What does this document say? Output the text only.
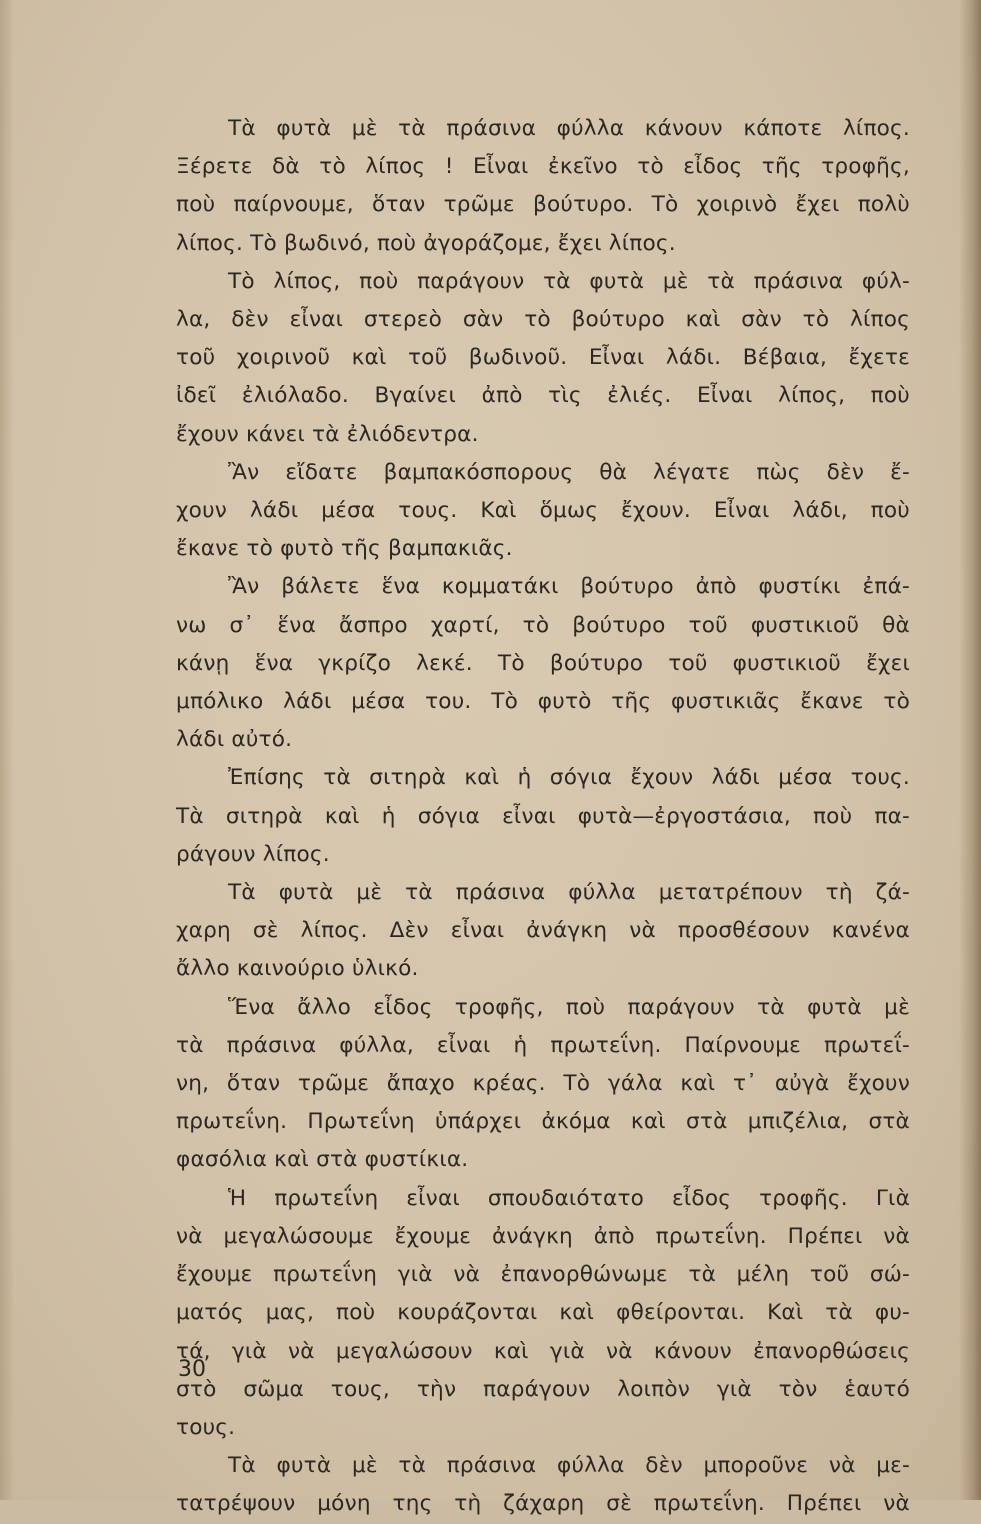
Τὰ φυτὰ μὲ τὰ πράσινα φύλλα κάνουν κάποτε λίπος.
Ξέρετε δὰ τὸ λίπος ! Εἶναι ἐκεῖνο τὸ εἶδος τῆς τροφῆς,
ποὺ παίρνουμε, ὅταν τρῶμε βούτυρο. Τὸ χοιρινὸ ἔχει πολὺ
λίπος. Τὸ βωδινό, ποὺ ἀγοράζομε, ἔχει λίπος.

Τὸ λίπος, ποὺ παράγουν τὰ φυτὰ μὲ τὰ πράσινα φύλ-
λα, δὲν εἶναι στερεὸ σὰν τὸ βούτυρο καὶ σὰν τὸ λίπος
τοῦ χοιρινοῦ καὶ τοῦ βωδινοῦ. Εἶναι λάδι. Βέβαια, ἔχετε
ἰδεῖ ἐλιόλαδο. Βγαίνει ἀπὸ τὶς ἐλιές. Εἶναι λίπος, ποὺ
ἔχουν κάνει τὰ ἐλιόδεντρα.

Ἂν εἴδατε βαμπακόσπορους θὰ λέγατε πὼς δὲν ἔ-
χουν λάδι μέσα τους. Καὶ ὅμως ἔχουν. Εἶναι λάδι, ποὺ
ἔκανε τὸ φυτὸ τῆς βαμπακιᾶς.

Ἂν βάλετε ἕνα κομματάκι βούτυρο ἀπὸ φυστίκι ἐπά-
νω σ᾽ ἕνα ἄσπρο χαρτί, τὸ βούτυρο τοῦ φυστικιοῦ θὰ
κάνῃ ἕνα γκρίζο λεκέ. Τὸ βούτυρο τοῦ φυστικιοῦ ἔχει
μπόλικο λάδι μέσα του. Τὸ φυτὸ τῆς φυστικιᾶς ἔκανε τὸ
λάδι αὐτό.

Ἐπίσης τὰ σιτηρὰ καὶ ἡ σόγια ἔχουν λάδι μέσα τους.
Τὰ σιτηρὰ καὶ ἡ σόγια εἶναι φυτὰ—ἐργοστάσια, ποὺ πα-
ράγουν λίπος.

Τὰ φυτὰ μὲ τὰ πράσινα φύλλα μετατρέπουν τὴ ζά-
χαρη σὲ λίπος. Δὲν εἶναι ἀνάγκη νὰ προσθέσουν κανένα
ἄλλο καινούριο ὑλικό.

Ἕνα ἄλλο εἶδος τροφῆς, ποὺ παράγουν τὰ φυτὰ μὲ
τὰ πράσινα φύλλα, εἶναι ἡ πρωτεΐνη. Παίρνουμε πρωτεΐ-
νη, ὅταν τρῶμε ἄπαχο κρέας. Τὸ γάλα καὶ τ᾽ αὐγὰ ἔχουν
πρωτεΐνη. Πρωτεΐνη ὑπάρχει ἀκόμα καὶ στὰ μπιζέλια, στὰ
φασόλια καὶ στὰ φυστίκια.

Ἡ πρωτεΐνη εἶναι σπουδαιότατο εἶδος τροφῆς. Γιὰ
νὰ μεγαλώσουμε ἔχουμε ἀνάγκη ἀπὸ πρωτεΐνη. Πρέπει νὰ
ἔχουμε πρωτεΐνη γιὰ νὰ ἐπανορθώνωμε τὰ μέλη τοῦ σώ-
ματός μας, ποὺ κουράζονται καὶ φθείρονται. Καὶ τὰ φυ-
τά, γιὰ νὰ μεγαλώσουν καὶ γιὰ νὰ κάνουν ἐπανορθώσεις
στὸ σῶμα τους, τὴν παράγουν λοιπὸν γιὰ τὸν ἑαυτό
τους.

Τὰ φυτὰ μὲ τὰ πράσινα φύλλα δὲν μποροῦνε νὰ με-
τατρέψουν μόνη της τὴ ζάχαρη σὲ πρωτεΐνη. Πρέπει νὰ

30
